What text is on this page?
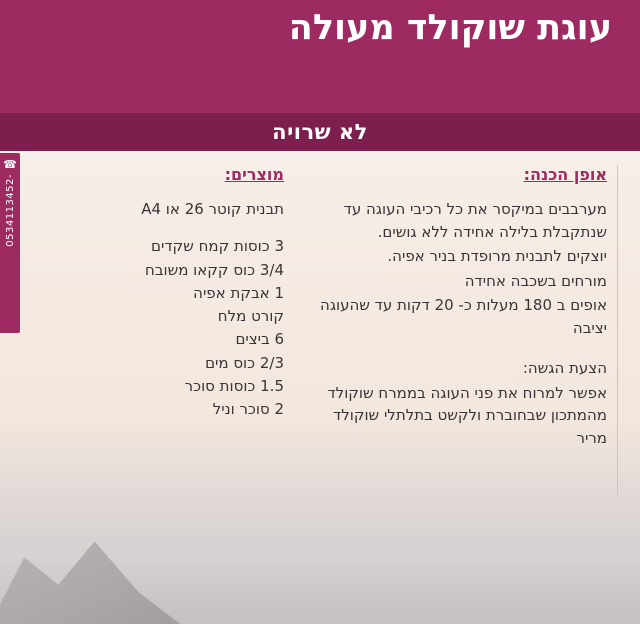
עוגת שוקולד מעולה
לא שרויה
☎
0534113452-	אופן הכנה:

מערבבים במיקסר את כל רכיבי העוגה עד שנתקבלת בלילה אחידה ללא גושים.

יוצקים לתבנית מרופדת בניר אפיה.

מורחים בשכבה אחידה

אופים ב 180 מעלות כ- 20 דקות עד שהעוגה יציבה

הצעת הגשה:

אפשר למרוח את פני העוגה בממרח שוקולד מהמתכון שבחוברת ולקשט בתלתלי שוקולד מריר

מוצרים:

תבנית קוטר 26 או A4

3 כוסות קמח שקדים

3/4 כוס קקאו משובח

1 אבקת אפיה

קורט מלח

6 ביצים

2/3 כוס מים

1.5 כוסות סוכר

2 סוכר וניל
